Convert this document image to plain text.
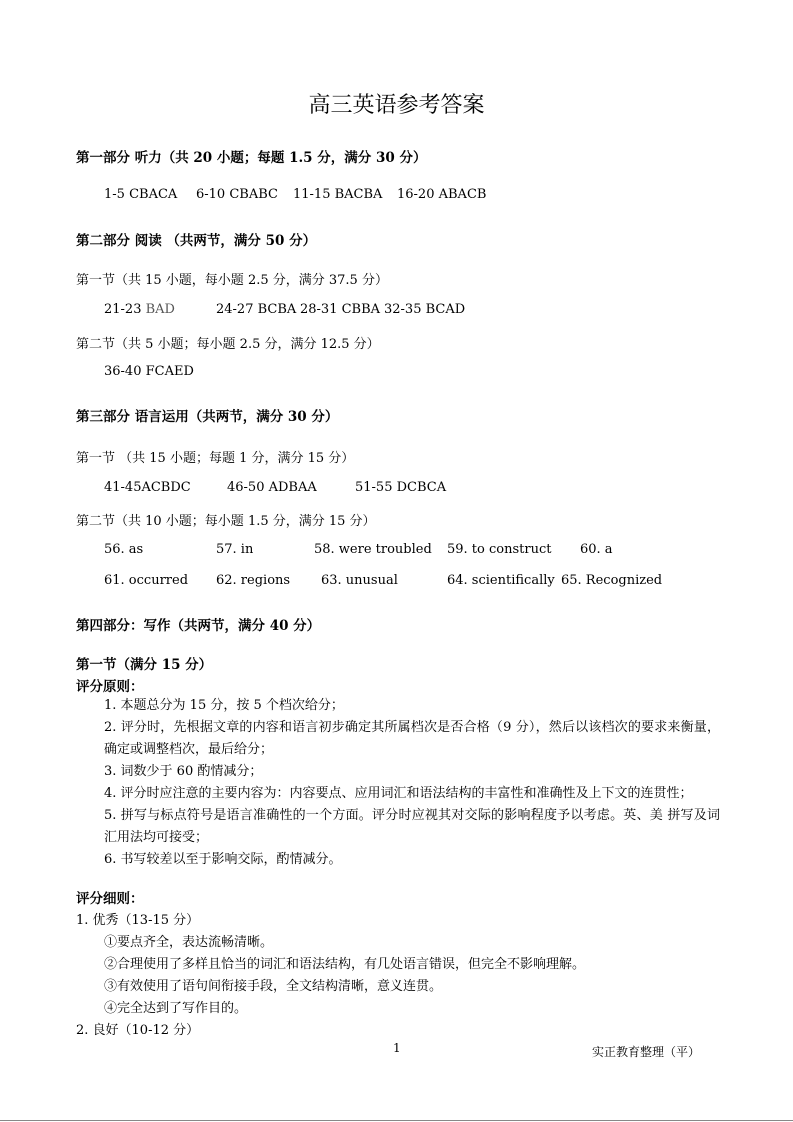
高三英语参考答案
第一部分 听力（共 20 小题；每题 1.5 分，满分 30 分）
1-5 CBACA 6-10 CBABC 11-15 BACBA 16-20 ABACB
第二部分 阅读 （共两节，满分 50 分）
第一节（共 15 小题，每小题 2.5 分，满分 37.5 分）
21-23 BAD	24-27 BCBA 28-31 CBBA 32-35 BCAD
第二节（共 5 小题；每小题 2.5 分，满分 12.5 分）
36-40 FCAED
第三部分 语言运用（共两节，满分 30 分）
第一节 （共 15 小题；每题 1 分，满分 15 分）
41-45ACBDC	46-50 ADBAA	51-55 DCBCA
第二节（共 10 小题；每小题 1.5 分，满分 15 分）
56. as	57. in	58. were troubled 59. to construct 60. a
61. occurred 62. regions 63. unusual	64. scientifically 65. Recognized
第四部分：写作（共两节，满分 40 分）
第一节（满分 15 分）
评分原则：
1. 本题总分为 15 分，按 5 个档次给分；
2. 评分时，先根据文章的内容和语言初步确定其所属档次是否合格（9 分），然后以该档次的要求来衡量，确定或调整档次，最后给分；
3. 词数少于 60 酌情减分；
4. 评分时应注意的主要内容为：内容要点、应用词汇和语法结构的丰富性和准确性及上下文的连贯性；
5. 拼写与标点符号是语言准确性的一个方面。评分时应视其对交际的影响程度予以考虑。英、美 拼写及词汇用法均可接受；
6. 书写较差以至于影响交际，酌情减分。
评分细则：
1. 优秀（13-15 分）
①要点齐全，表达流畅清晰。
②合理使用了多样且恰当的词汇和语法结构，有几处语言错误，但完全不影响理解。
③有效使用了语句间衔接手段，全文结构清晰，意义连贯。
④完全达到了写作目的。
2. 良好（10-12 分）
1	实正教育整理（平）
